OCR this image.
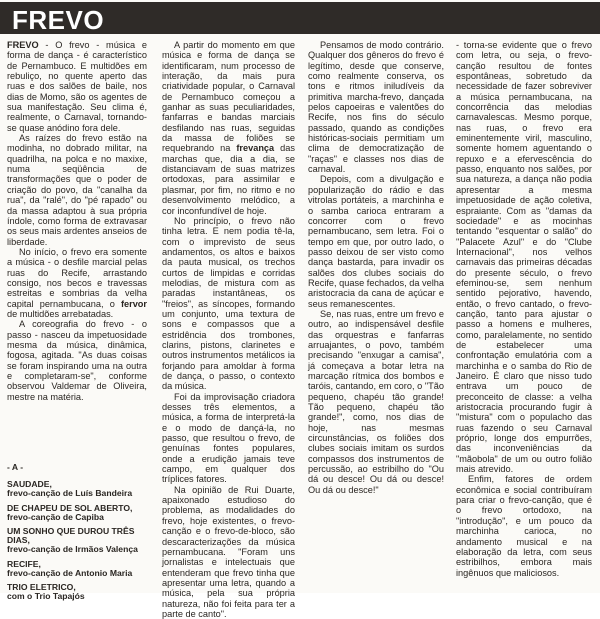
FREVO

FREVO - O frevo - música e forma de dança - é característico de Pernambuco. E multidões em rebuliço, no quente aperto das ruas e dos salões de baile, nos dias de Momo, são os agentes de sua manifestação. Seu clima é, realmente, o Carnaval, tornando-se quase anódino fora dele.

As raízes do frevo estão na modinha, no dobrado militar, na quadrilha, na polca e no maxixe, numa seqüência de transformações que o poder de criação do povo, da "canalha da rua", da "ralé", do "pé rapado" ou da massa adaptou à sua própria índole, como forma de extravasar os seus mais ardentes anseios de liberdade.

No início, o frevo era somente a música - o desfile marcial pelas ruas do Recife, arrastando consigo, nos becos e travessas estreitas e sombrias da velha capital pernambucana, o fervor de multidões arrebatadas.

A coreografia do frevo - o passo - nasceu da impetuosidade mesma da música, dinâmica, fogosa, agitada. "As duas coisas se foram inspirando uma na outra e completaram-se", conforme observou Valdemar de Oliveira, mestre na matéria.

- A -
SAUDADE,
frevo-canção de Luís Bandeira
DE CHAPEU DE SOL ABERTO,
frevo-canção de Capiba
UM SONHO QUE DUROU TRÊS DIAS,
frevo-canção de Irmãos Valença
RECIFE,
frevo-canção de Antonio Maria
TRIO ELETRICO,
com o Trio Tapajós

A partir do momento em que música e forma de dança se identificaram, num processo de interação, da mais pura criatividade popular, o Carnaval de Pernambuco começou a ganhar as suas peculiaridades, fanfarras e bandas marciais desfilando nas ruas, seguidas da massa de foliões se requebrando na frevança das marchas que, dia a dia, se distanciavam de suas matrizes ortodoxas, para assimilar e plasmar, por fim, no ritmo e no desenvolvimento melódico, a cor inconfundível de hoje.

No princípio, o frevo não tinha letra. E nem podia tê-la, com o imprevisto de seus andamentos, os altos e baixos da pauta musical, os trechos curtos de limpidas e corridas melodias, de mistura com as paradas instantâneas, os "freios", as síncopes, formando um conjunto, uma textura de sons e compassos que a estridência dos trombones, clarins, pistons, clarinetes e outros instrumentos metálicos ia forjando para amoldar à forma de dança, o passo, o contexto da música.

Foi da improvisação criadora desses três elementos, a música, a forma de interpretá-la e o modo de dançá-la, no passo, que resultou o frevo, de genuínas fontes populares, onde a erudição jamais teve campo, em qualquer dos tríplices fatores.

Na opinião de Rui Duarte, apaixonado estudioso do problema, as modalidades do frevo, hoje existentes, o frevo-canção e o frevo-de-bloco, são descaracterizações da música pernambucana. "Foram uns jornalistas e intelectuais que entenderam que frevo tinha que apresentar uma letra, quando a música, pela sua própria natureza, não foi feita para ter a parte de canto".

Pensamos de modo contrário. Qualquer dos gêneros do frevo é legítimo, desde que conserve, como realmente conserva, os tons e ritmos iniludíveis da primitiva marcha-frevo, dançada pelos capoeiras e valentões do Recife, nos fins do século passado, quando as condições históricas-sociais permitiam um clima de democratização de "raças" e classes nos dias de carnaval.

Depois, com a divulgação e popularização do rádio e das vitrolas portáteis, a marchinha e o samba carioca entraram a concorrer com o frevo pernambucano, sem letra. Foi o tempo em que, por outro lado, o passo deixou de ser visto como dança bastarda, para invadir os salões dos clubes sociais do Recife, quase fechados, da velha aristocracia da cana de açúcar e seus remanescentes.

Se, nas ruas, entre um frevo e outro, ao indispensável desfile das orquestras e fanfarras arruajantes, o povo, também precisando "enxugar a camisa", já começava a botar letra na marcação rítmica dos bombos e taróis, cantando, em coro, o "Tão pequeno, chapéu tão grande! Tão pequeno, chapéu tão grande!", como, nos dias de hoje, nas mesmas circunstâncias, os foliões dos clubes sociais imitam os surdos compassos dos instrumentos de percussão, ao estribilho do "Ou dá ou desce! Ou dá ou desce! Ou dá ou desce!"

- torna-se evidente que o frevo com letra, ou seja, o frevo-canção resultou de fontes espontâneas, sobretudo da necessidade de fazer sobreviver a música pernambucana, na concorrência das melodias carnavalescas. Mesmo porque, nas ruas, o frevo era eminentemente viril, masculino, somente homem aguentando o repuxo e a efervescência do passo, enquanto nos salões, por sua natureza, a dança não podia apresentar a mesma impetuosidade de ação coletiva, espraiante. Com as "damas da sociedade" e as mocinhas tentando "esquentar o salão" do "Palacete Azul" e do "Clube Internacional", nos velhos carnavais das primeiras décadas do presente século, o frevo efeminou-se, sem nenhum sentido pejorativo, havendo, então, o frevo cantado, o frevo-canção, tanto para ajustar o passo a homens e mulheres, como, paralelamente, no sentido de estabelecer uma confrontação emulatória com a marchinha e o samba do Rio de Janeiro. É claro que nisso tudo entrava um pouco de preconceito de classe: a velha aristocracia procurando fugir à "mistura" com o populacho das ruas fazendo o seu Carnaval próprio, longe dos empurrões, das inconveniências da "mãobola" de um ou outro folião mais atrevido.

Enfim, fatores de ordem econômica e social contribuíram para criar o frevo-canção, que é o frevo ortodoxo, na "introdução", e um pouco da marchinha carioca, no andamento musical e na elaboração da letra, com seus estribilhos, embora mais ingênuos que maliciosos.
